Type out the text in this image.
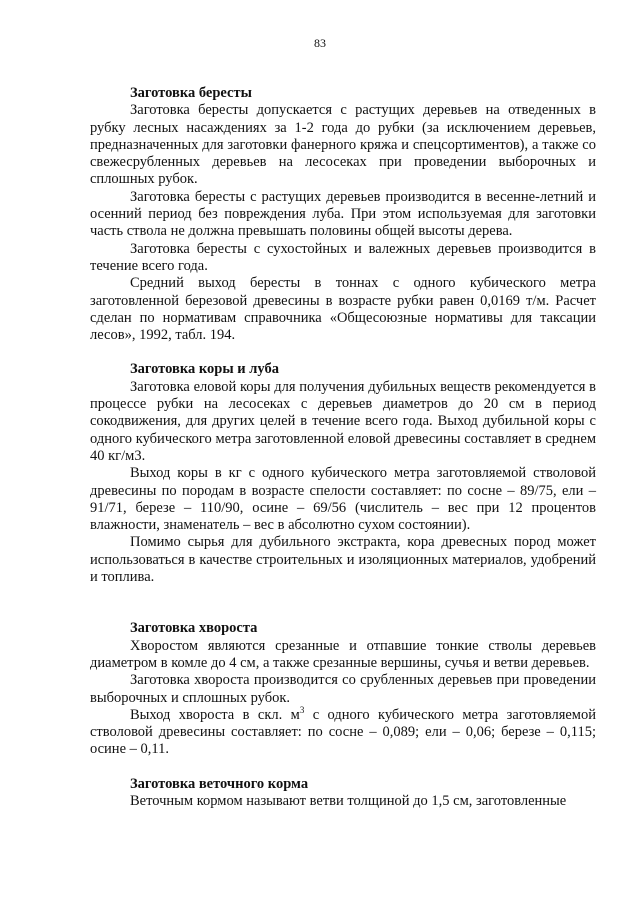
83
Заготовка бересты

Заготовка бересты допускается с растущих деревьев на отведенных в рубку лесных насаждениях за 1-2 года до рубки (за исключением деревьев, предназначенных для заготовки фанерного кряжа и спецсортиментов), а также со свежесрубленных деревьев на лесосеках при проведении выборочных и сплошных рубок.

Заготовка бересты с растущих деревьев производится в весенне-летний и осенний период без повреждения луба. При этом используемая для заготовки часть ствола не должна превышать половины общей высоты дерева.

Заготовка бересты с сухостойных и валежных деревьев производится в течение всего года.

Средний выход бересты в тоннах с одного кубического метра заготовленной березовой древесины в возрасте рубки равен 0,0169 т/м. Расчет сделан по нормативам справочника «Общесоюзные нормативы для таксации лесов», 1992, табл. 194.

Заготовка коры и луба

Заготовка еловой коры для получения дубильных веществ рекомендуется в процессе рубки на лесосеках с деревьев диаметров до 20 см в период сокодвижения, для других целей в течение всего года. Выход дубильной коры с одного кубического метра заготовленной еловой древесины составляет в среднем 40 кг/м3.

Выход коры в кг с одного кубического метра заготовляемой стволовой древесины по породам в возрасте спелости составляет: по сосне – 89/75, ели – 91/71, березе – 110/90, осине – 69/56 (числитель – вес при 12 процентов влажности, знаменатель – вес в абсолютно сухом состоянии).

Помимо сырья для дубильного экстракта, кора древесных пород может использоваться в качестве строительных и изоляционных материалов, удобрений и топлива.

Заготовка хвороста

Хворостом являются срезанные и отпавшие тонкие стволы деревьев диаметром в комле до 4 см, а также срезанные вершины, сучья и ветви деревьев.

Заготовка хвороста производится со срубленных деревьев при проведении выборочных и сплошных рубок.

Выход хвороста в скл. $м^3$ с одного кубического метра заготовляемой стволовой древесины составляет: по сосне – 0,089; ели – 0,06; березе – 0,115; осине – 0,11.

Заготовка веточного корма

Веточным кормом называют ветви толщиной до 1,5 см, заготовленные
